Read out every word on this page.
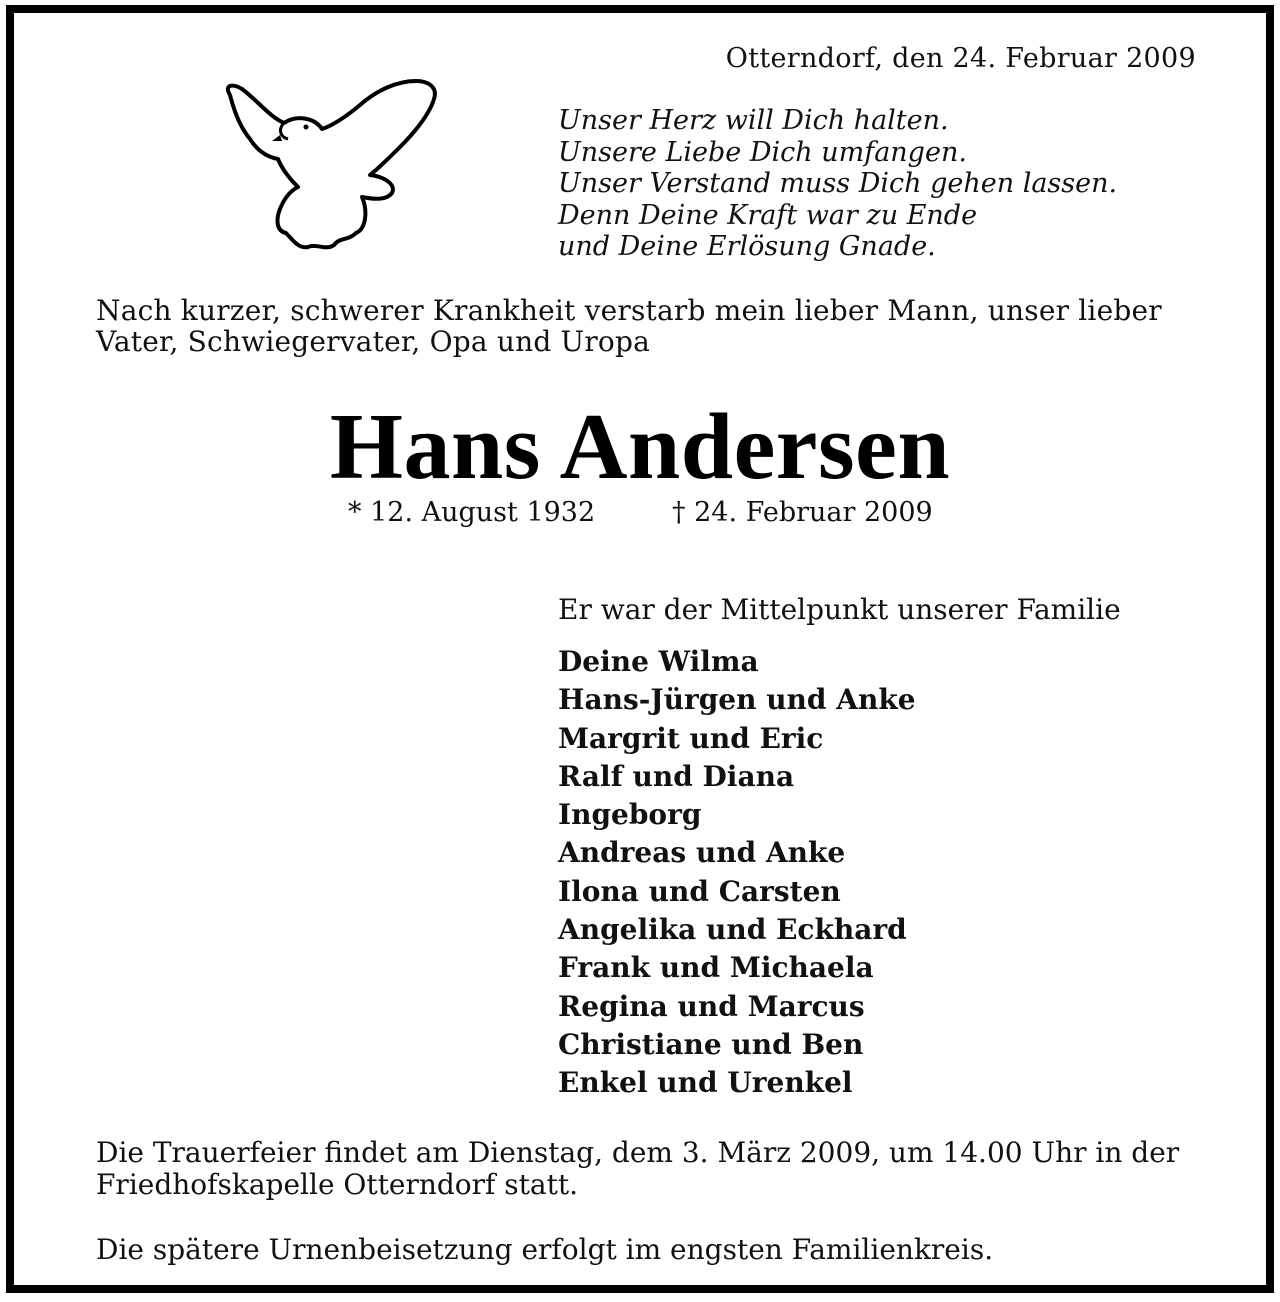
Otterndorf, den 24. Februar 2009
Unser Herz will Dich halten.
Unsere Liebe Dich umfangen.
Unser Verstand muss Dich gehen lassen.
Denn Deine Kraft war zu Ende
und Deine Erlösung Gnade.
Nach kurzer, schwerer Krankheit verstarb mein lieber Mann, unser lieber
Vater, Schwiegervater, Opa und Uropa
Hans Andersen
* 12. August 1932	† 24. Februar 2009
Er war der Mittelpunkt unserer Familie
Deine Wilma
Hans-Jürgen und Anke
Margrit und Eric
Ralf und Diana
Ingeborg
Andreas und Anke
Ilona und Carsten
Angelika und Eckhard
Frank und Michaela
Regina und Marcus
Christiane und Ben
Enkel und Urenkel
Die Trauerfeier findet am Dienstag, dem 3. März 2009, um 14.00 Uhr in der
Friedhofskapelle Otterndorf statt.
Die spätere Urnenbeisetzung erfolgt im engsten Familienkreis.
